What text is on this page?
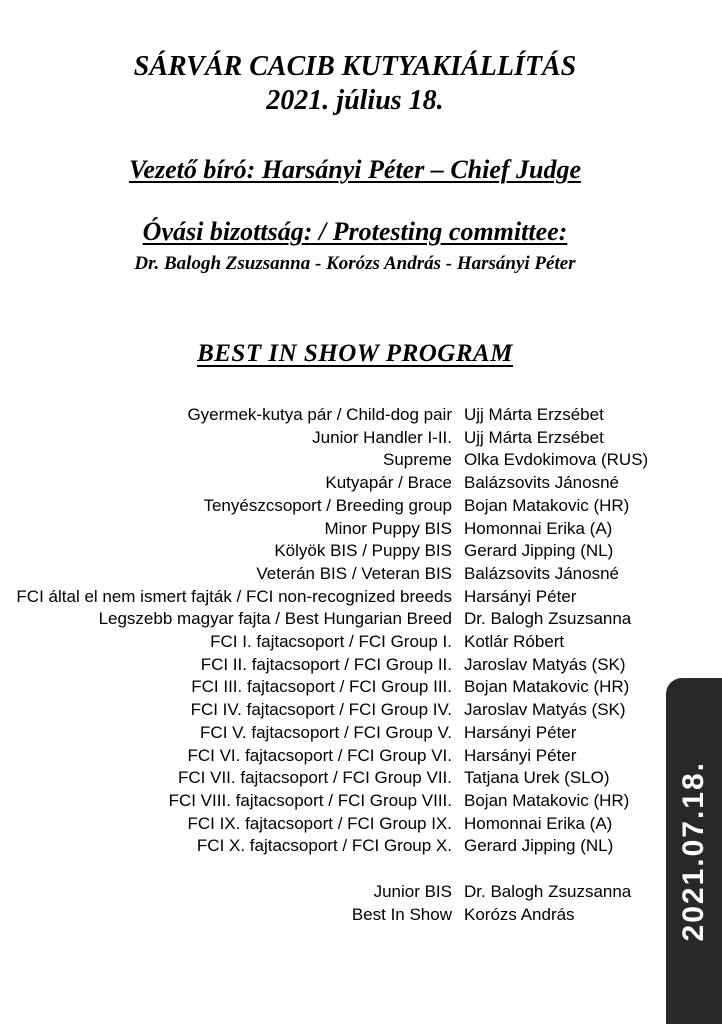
SÁRVÁR CACIB KUTYAKIÁLLÍTÁS
2021. július 18.
Vezető bíró: Harsányi Péter – Chief Judge
Óvási bizottság: / Protesting committee:
Dr. Balogh Zsuzsanna - Korózs András - Harsányi Péter
BEST IN SHOW PROGRAM
Gyermek-kutya pár / Child-dog pair Ujj Márta Erzsébet
Junior Handler I-II. Ujj Márta Erzsébet
Supreme Olka Evdokimova (RUS)
Kutyapár / Brace Balázsovits Jánosné
Tenyészcsoport / Breeding group Bojan Matakovic (HR)
Minor Puppy BIS Homonnai Erika (A)
Kölyök BIS / Puppy BIS Gerard Jipping (NL)
Veterán BIS / Veteran BIS Balázsovits Jánosné
FCI által el nem ismert fajták / FCI non-recognized breeds Harsányi Péter
Legszebb magyar fajta / Best Hungarian Breed Dr. Balogh Zsuzsanna
FCI I. fajtacsoport / FCI Group I. Kotlár Róbert
FCI II. fajtacsoport / FCI Group II. Jaroslav Matyás (SK)
FCI III. fajtacsoport / FCI Group III. Bojan Matakovic (HR)
FCI IV. fajtacsoport / FCI Group IV. Jaroslav Matyás (SK)
FCI V. fajtacsoport / FCI Group V. Harsányi Péter
FCI VI. fajtacsoport / FCI Group VI. Harsányi Péter
FCI VII. fajtacsoport / FCI Group VII. Tatjana Urek (SLO)
FCI VIII. fajtacsoport / FCI Group VIII. Bojan Matakovic (HR)
FCI IX. fajtacsoport / FCI Group IX. Homonnai Erika (A)
FCI X. fajtacsoport / FCI Group X. Gerard Jipping (NL)
Junior BIS Dr. Balogh Zsuzsanna
Best In Show Korózs András	2021.07.18.
